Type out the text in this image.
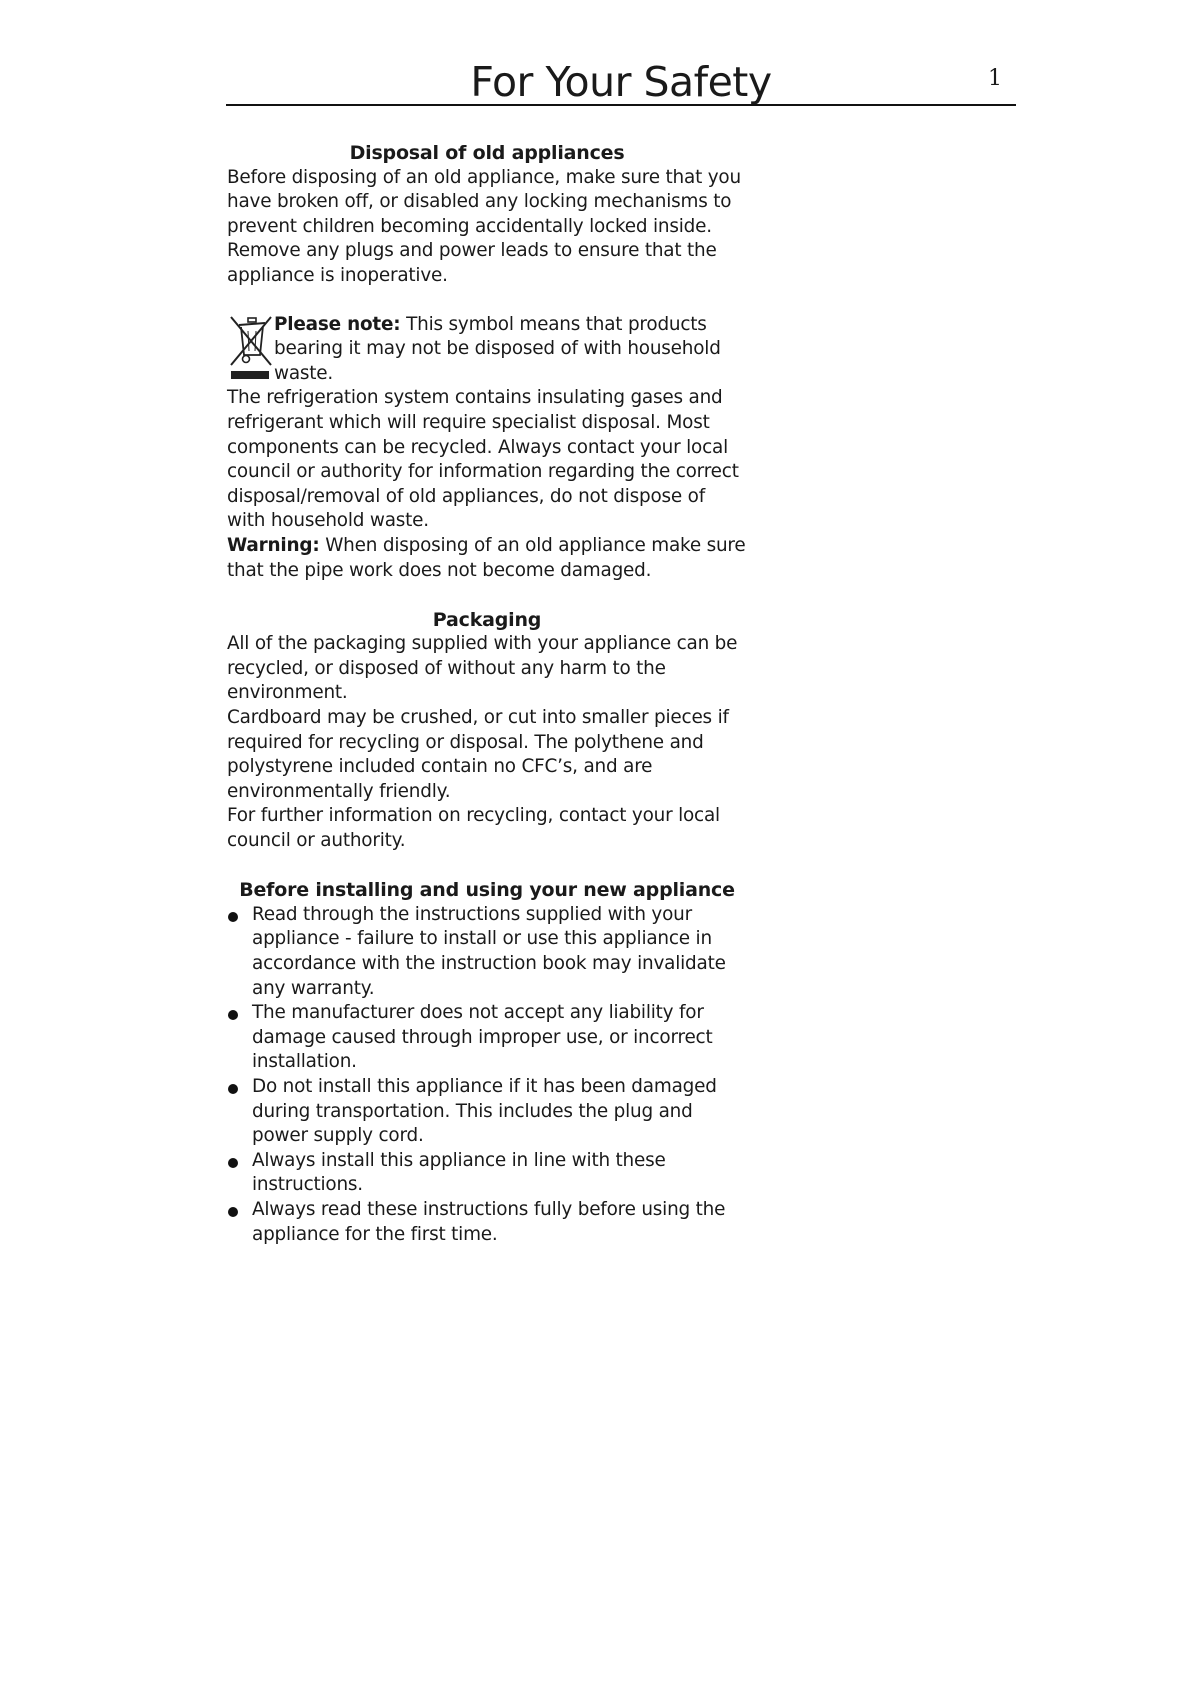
For Your Safety	1

Disposal of old appliances

Before disposing of an old appliance, make sure that you have broken off, or disabled any locking mechanisms to prevent children becoming accidentally locked inside. Remove any plugs and power leads to ensure that the appliance is inoperative.

Please note: This symbol means that products bearing it may not be disposed of with household waste.

The refrigeration system contains insulating gases and refrigerant which will require specialist disposal. Most components can be recycled. Always contact your local council or authority for information regarding the correct disposal/removal of old appliances, do not dispose of with household waste.

Warning: When disposing of an old appliance make sure that the pipe work does not become damaged.

Packaging

All of the packaging supplied with your appliance can be recycled, or disposed of without any harm to the environment.

Cardboard may be crushed, or cut into smaller pieces if required for recycling or disposal. The polythene and polystyrene included contain no CFC’s, and are environmentally friendly.

For further information on recycling, contact your local council or authority.

Before installing and using your new appliance

Read through the instructions supplied with your appliance - failure to install or use this appliance in accordance with the instruction book may invalidate any warranty.
The manufacturer does not accept any liability for damage caused through improper use, or incorrect installation.
Do not install this appliance if it has been damaged during transportation. This includes the plug and power supply cord.
Always install this appliance in line with these instructions.
Always read these instructions fully before using the appliance for the first time.
